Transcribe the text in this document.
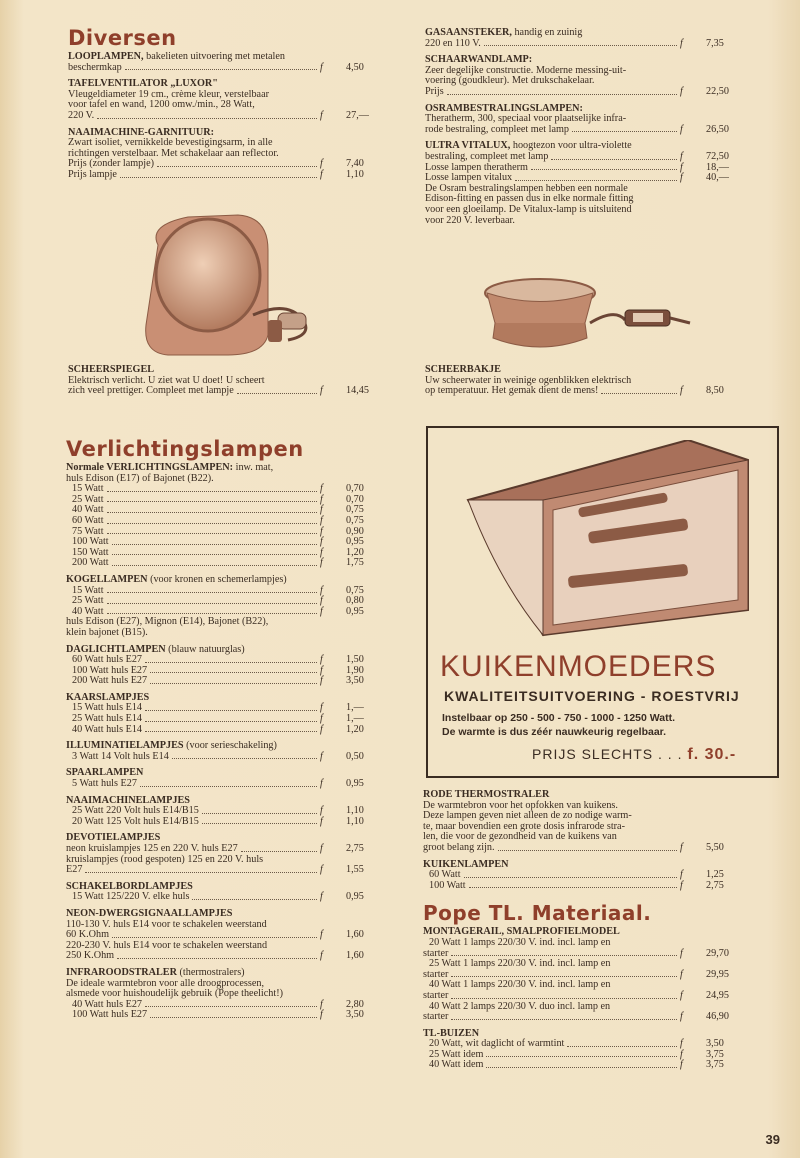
Diversen
LOOPLAMPEN, bakelieten uitvoering met metalen
beschermkap	f	4,50
TAFELVENTILATOR „LUXOR"
Vleugeldiameter 19 cm., crème kleur, verstelbaar
voor tafel en wand, 1200 omw./min., 28 Watt,
220 V.	f	27,—
NAAIMACHINE-GARNITUUR:
Zwart isoliet, vernikkelde bevestigingsarm, in alle
richtingen verstelbaar. Met schakelaar aan reflector.
Prijs (zonder lampje)	f	7,40
Prijs lampje	f	1,10
SCHEERSPIEGEL
Elektrisch verlicht. U ziet wat U doet! U scheert
zich veel prettiger. Compleet met lampje	f	14,45
GASAANSTEKER, handig en zuinig
220 en 110 V.	f	7,35
SCHAARWANDLAMP:
Zeer degelijke constructie. Moderne messing-uit-
voering (goudkleur). Met drukschakelaar.
Prijs	f	22,50
OSRAMBESTRALINGSLAMPEN:
Theratherm, 300, speciaal voor plaatselijke infra-
rode bestraling, compleet met lamp	f	26,50
ULTRA VITALUX, hoogtezon voor ultra-violette
bestraling, compleet met lamp	f	72,50
Losse lampen theratherm	f	18,—
Losse lampen vitalux	f	40,—
De Osram bestralingslampen hebben een normale
Edison-fitting en passen dus in elke normale fitting
voor een gloeilamp. De Vitalux-lamp is uitsluitend
voor 220 V. leverbaar.
SCHEERBAKJE
Uw scheerwater in weinige ogenblikken elektrisch
op temperatuur. Het gemak dient de mens!	f	8,50
Verlichtingslampen
Normale VERLICHTINGSLAMPEN: inw. mat,
huls Edison (E17) of Bajonet (B22).
15 Watt	f	0,70
25 Watt	f	0,70
40 Watt	f	0,75
60 Watt	f	0,75
75 Watt	f	0,90
100 Watt	f	0,95
150 Watt	f	1,20
200 Watt	f	1,75
KOGELLAMPEN (voor kronen en schemerlampjes)
15 Watt	f	0,75
25 Watt	f	0,80
40 Watt	f	0,95
huls Edison (E27), Mignon (E14), Bajonet (B22),
klein bajonet (B15).
DAGLICHTLAMPEN (blauw natuurglas)
60 Watt huls E27	f	1,50
100 Watt huls E27	f	1,90
200 Watt huls E27	f	3,50
KAARSLAMPJES
15 Watt huls E14	f	1,—
25 Watt huls E14	f	1,—
40 Watt huls E14	f	1,20
ILLUMINATIELAMPJES (voor serieschakeling)
3 Watt 14 Volt huls E14	f	0,50
SPAARLAMPEN
5 Watt huls E27	f	0,95
NAAIMACHINELAMPJES
25 Watt 220 Volt huls E14/B15	f	1,10
20 Watt 125 Volt huls E14/B15	f	1,10
DEVOTIELAMPJES
neon kruislampjes 125 en 220 V. huls E27	f	2,75
kruislampjes (rood gespoten) 125 en 220 V. huls
E27	f	1,55
SCHAKELBORDLAMPJES
15 Watt 125/220 V. elke huls	f	0,95
NEON-DWERGSIGNAALLAMPJES
110-130 V. huls E14 voor te schakelen weerstand
60 K.Ohm	f	1,60
220-230 V. huls E14 voor te schakelen weerstand
250 K.Ohm	f	1,60
INFRAROODSTRALER (thermostralers)
De ideale warmtebron voor alle droogprocessen,
alsmede voor huishoudelijk gebruik (Pope theelicht!)
40 Watt huls E27	f	2,80
100 Watt huls E27	f	3,50
KUIKENMOEDERS
KWALITEITSUITVOERING - ROESTVRIJ
Instelbaar op 250 - 500 - 750 - 1000 - 1250 Watt.
De warmte is dus zéér nauwkeurig regelbaar.
PRIJS SLECHTS . . . f. 30.-
RODE THERMOSTRALER
De warmtebron voor het opfokken van kuikens.
Deze lampen geven niet alleen de zo nodige warm-
te, maar bovendien een grote dosis infrarode stra-
len, die voor de gezondheid van de kuikens van
groot belang zijn.	f	5,50
KUIKENLAMPEN
60 Watt	f	1,25
100 Watt	f	2,75
Pope TL. Materiaal.
MONTAGERAIL, SMALPROFIELMODEL
20 Watt 1 lamps 220/30 V. ind. incl. lamp en
starter	f	29,70
25 Watt 1 lamps 220/30 V. ind. incl. lamp en
starter	f	29,95
40 Watt 1 lamps 220/30 V. ind. incl. lamp en
starter	f	24,95
40 Watt 2 lamps 220/30 V. duo incl. lamp en
starter	f	46,90
TL-BUIZEN
20 Watt, wit daglicht of warmtint	f	3,50
25 Watt idem	f	3,75
40 Watt idem	f	3,75
39
